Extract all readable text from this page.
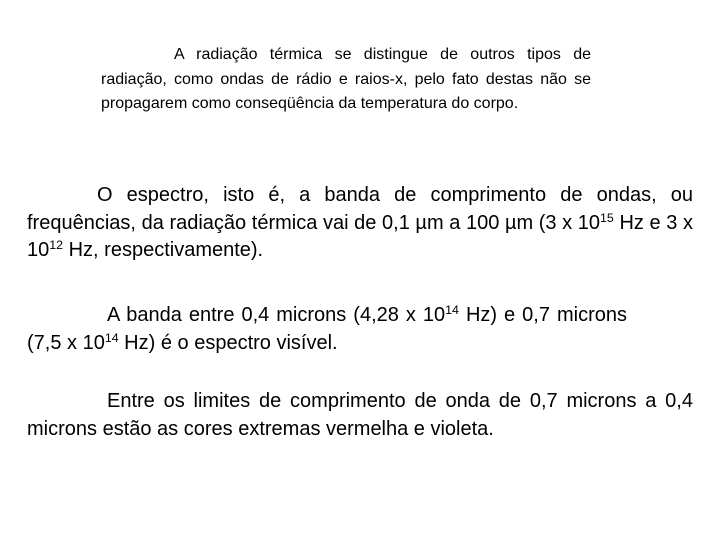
A radiação térmica se distingue de outros tipos de radiação, como ondas de rádio e raios-x, pelo fato destas não se propagarem como conseqüência da temperatura do corpo.

O espectro, isto é, a banda de comprimento de ondas, ou frequências, da radiação térmica vai de 0,1 µm a 100 µm (3 x $10^{15}$ Hz e 3 x $10^{12}$ Hz, respectivamente).

A banda entre 0,4 microns (4,28 x $10^{14}$ Hz) e 0,7 microns (7,5 x $10^{14}$ Hz) é o espectro visível.

Entre os limites de comprimento de onda de 0,7 microns a 0,4 microns estão as cores extremas vermelha e violeta.
